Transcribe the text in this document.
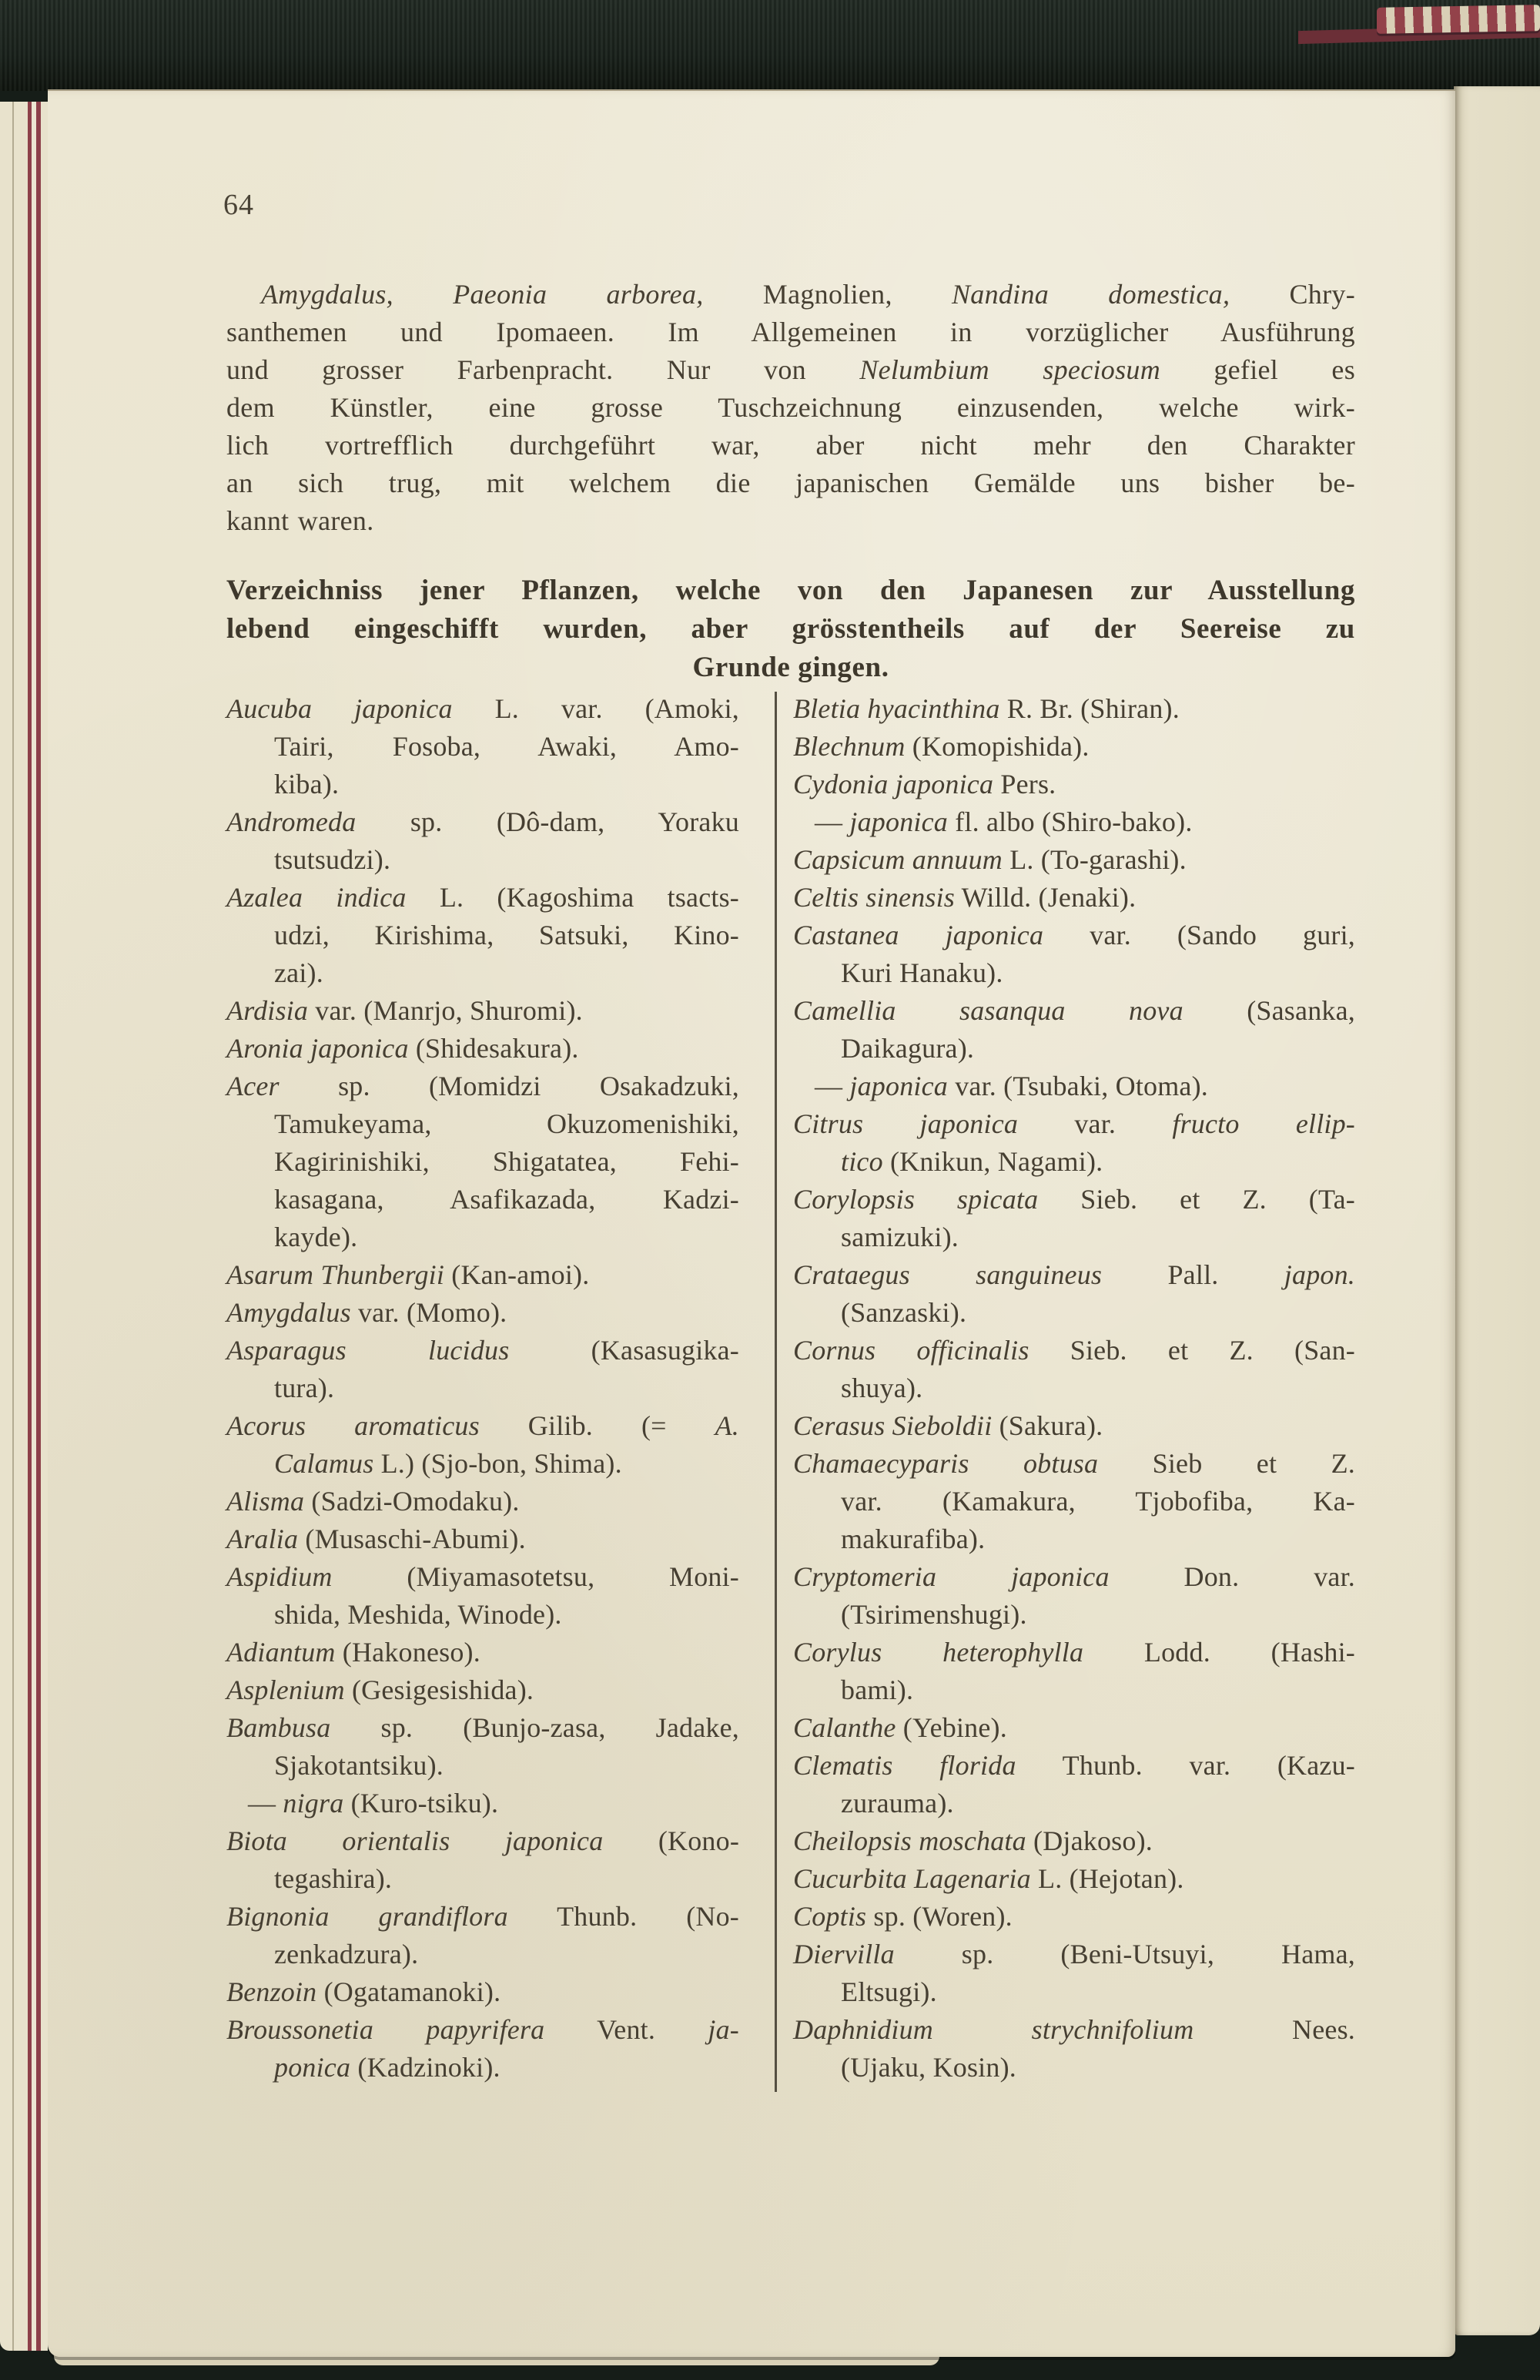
64
Amygdalus, Paeonia arborea, Magnolien, Nandina domestica, Chry-
santhemen und Ipomaeen. Im Allgemeinen in vorzüglicher Ausführung
und grosser Farbenpracht. Nur von Nelumbium speciosum gefiel es
dem Künstler, eine grosse Tuschzeichnung einzusenden, welche wirk-
lich vortrefflich durchgeführt war, aber nicht mehr den Charakter
an sich trug, mit welchem die japanischen Gemälde uns bisher be-
kannt waren.
Verzeichniss jener Pflanzen, welche von den Japanesen zur Ausstellung
lebend eingeschifft wurden, aber grösstentheils auf der Seereise zu
Grunde gingen.
Aucuba japonica L. var. (Amoki,
Tairi, Fosoba, Awaki, Amo-
kiba).
Andromeda sp. (Dô-dam, Yoraku
tsutsudzi).
Azalea indica L. (Kagoshima tsacts-
udzi, Kirishima, Satsuki, Kino-
zai).
Ardisia var. (Manrjo, Shuromi).
Aronia japonica (Shidesakura).
Acer sp. (Momidzi Osakadzuki,
Tamukeyama, Okuzomenishiki,
Kagirinishiki, Shigatatea, Fehi-
kasagana, Asafikazada, Kadzi-
kayde).
Asarum Thunbergii (Kan-amoi).
Amygdalus var. (Momo).
Asparagus lucidus (Kasasugika-
tura).
Acorus aromaticus Gilib. (= A.
Calamus L.) (Sjo-bon, Shima).
Alisma (Sadzi-Omodaku).
Aralia (Musaschi-Abumi).
Aspidium (Miyamasotetsu, Moni-
shida, Meshida, Winode).
Adiantum (Hakoneso).
Asplenium (Gesigesishida).
Bambusa sp. (Bunjo-zasa, Jadake,
Sjakotantsiku).
— nigra (Kuro-tsiku).
Biota orientalis japonica (Kono-
tegashira).
Bignonia grandiflora Thunb. (No-
zenkadzura).
Benzoin (Ogatamanoki).
Broussonetia papyrifera Vent. ja-
ponica (Kadzinoki).
Bletia hyacinthina R. Br. (Shiran).
Blechnum (Komopishida).
Cydonia japonica Pers.
— japonica fl. albo (Shiro-bako).
Capsicum annuum L. (To-garashi).
Celtis sinensis Willd. (Jenaki).
Castanea japonica var. (Sando guri,
Kuri Hanaku).
Camellia sasanqua nova (Sasanka,
Daikagura).
— japonica var. (Tsubaki, Otoma).
Citrus japonica var. fructo ellip-
tico (Knikun, Nagami).
Corylopsis spicata Sieb. et Z. (Ta-
samizuki).
Crataegus sanguineus Pall. japon.
(Sanzaski).
Cornus officinalis Sieb. et Z. (San-
shuya).
Cerasus Sieboldii (Sakura).
Chamaecyparis obtusa Sieb et Z.
var. (Kamakura, Tjobofiba, Ka-
makurafiba).
Cryptomeria japonica Don. var.
(Tsirimenshugi).
Corylus heterophylla Lodd. (Hashi-
bami).
Calanthe (Yebine).
Clematis florida Thunb. var. (Kazu-
zurauma).
Cheilopsis moschata (Djakoso).
Cucurbita Lagenaria L. (Hejotan).
Coptis sp. (Woren).
Diervilla sp. (Beni-Utsuyi, Hama,
Eltsugi).
Daphnidium strychnifolium Nees.
(Ujaku, Kosin).
